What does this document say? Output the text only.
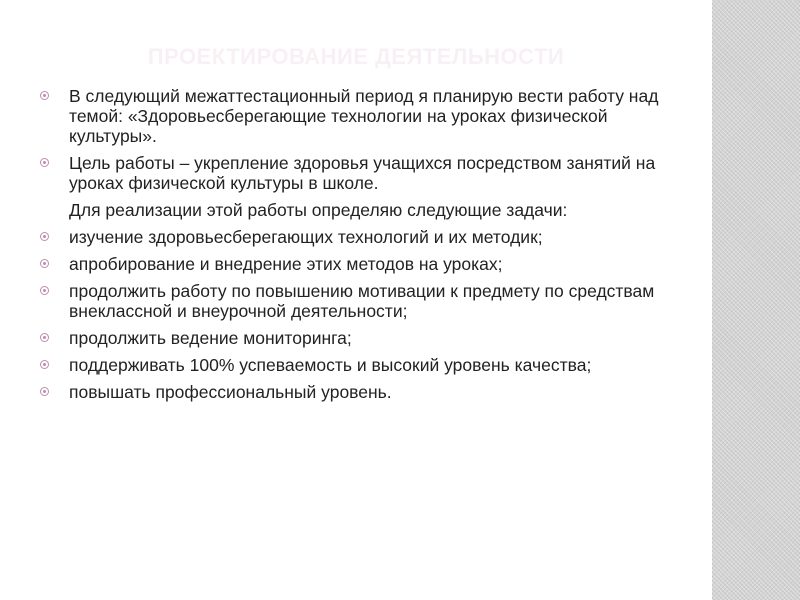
ПРОЕКТИРОВАНИЕ ДЕЯТЕЛЬНОСТИ
В следующий межаттестационный период я планирую вести работу над темой: «Здоровьесберегающие технологии на уроках физической культуры».
Цель работы – укрепление здоровья учащихся посредством занятий на уроках физической культуры в школе.
Для реализации этой работы определяю следующие задачи:
изучение здоровьесберегающих технологий и их методик;
апробирование и внедрение этих методов на уроках;
продолжить работу по повышению мотивации к предмету по средствам внеклассной и внеурочной деятельности;
продолжить ведение мониторинга;
поддерживать 100% успеваемость и высокий уровень качества;
повышать профессиональный уровень.
